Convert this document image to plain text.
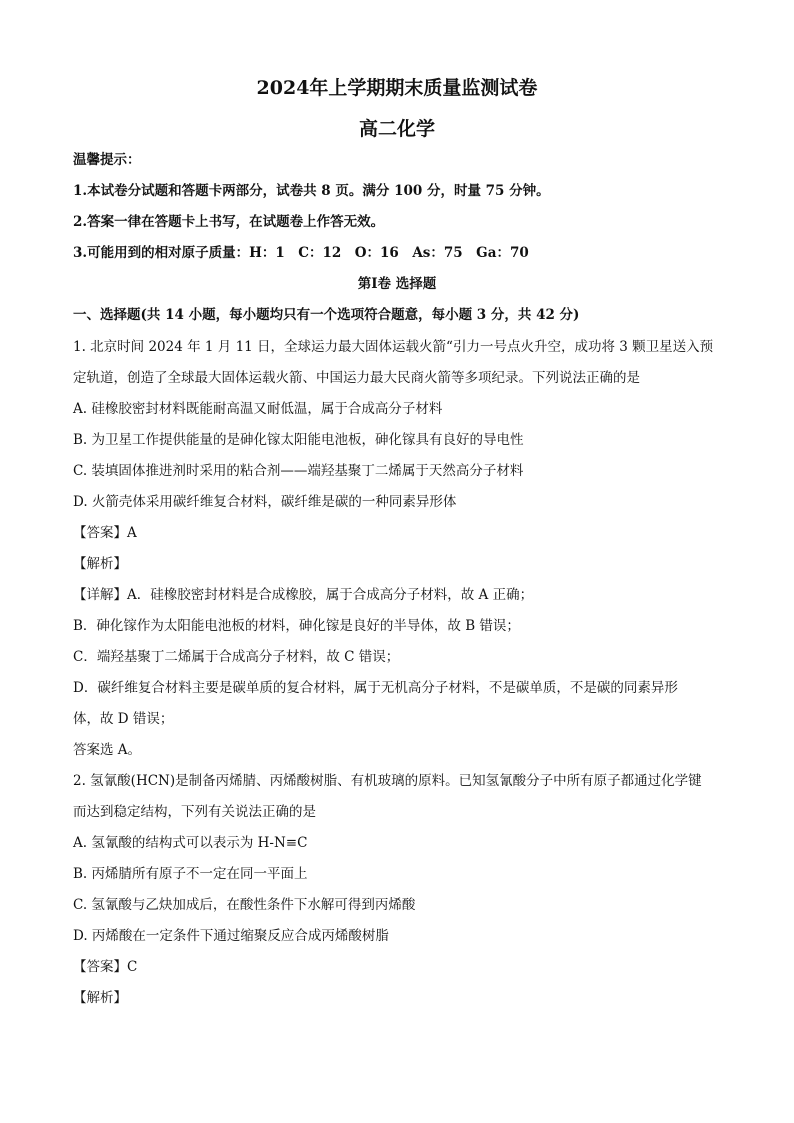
2024年上学期期末质量监测试卷
高二化学
温馨提示：
1.本试卷分试题和答题卡两部分，试卷共 8 页。满分 100 分，时量 75 分钟。
2.答案一律在答题卡上书写，在试题卷上作答无效。
3.可能用到的相对原子质量：H：1　C：12　O：16　As：75　Ga：70
第Ⅰ卷 选择题
一、选择题(共 14 小题，每小题均只有一个选项符合题意，每小题 3 分，共 42 分)
1. 北京时间 2024 年 1 月 11 日，全球运力最大固体运载火箭“引力一号点火升空，成功将 3 颗卫星送入预
定轨道，创造了全球最大固体运载火箭、中国运力最大民商火箭等多项纪录。下列说法正确的是
A. 硅橡胶密封材料既能耐高温又耐低温，属于合成高分子材料
B. 为卫星工作提供能量的是砷化镓太阳能电池板，砷化镓具有良好的导电性
C. 装填固体推进剂时采用的粘合剂——端羟基聚丁二烯属于天然高分子材料
D. 火箭壳体采用碳纤维复合材料，碳纤维是碳的一种同素异形体
【答案】A
【解析】
【详解】A．硅橡胶密封材料是合成橡胶，属于合成高分子材料，故 A 正确；
B．砷化镓作为太阳能电池板的材料，砷化镓是良好的半导体，故 B 错误；
C．端羟基聚丁二烯属于合成高分子材料，故 C 错误；
D．碳纤维复合材料主要是碳单质的复合材料，属于无机高分子材料，不是碳单质，不是碳的同素异形
体，故 D 错误；
答案选 A。
2. 氢氰酸(HCN)是制备丙烯腈、丙烯酸树脂、有机玻璃的原料。已知氢氰酸分子中所有原子都通过化学键
而达到稳定结构，下列有关说法正确的是
A. 氢氰酸的结构式可以表示为 H-N≡C
B. 丙烯腈所有原子不一定在同一平面上
C. 氢氰酸与乙炔加成后，在酸性条件下水解可得到丙烯酸
D. 丙烯酸在一定条件下通过缩聚反应合成丙烯酸树脂
【答案】C
【解析】
